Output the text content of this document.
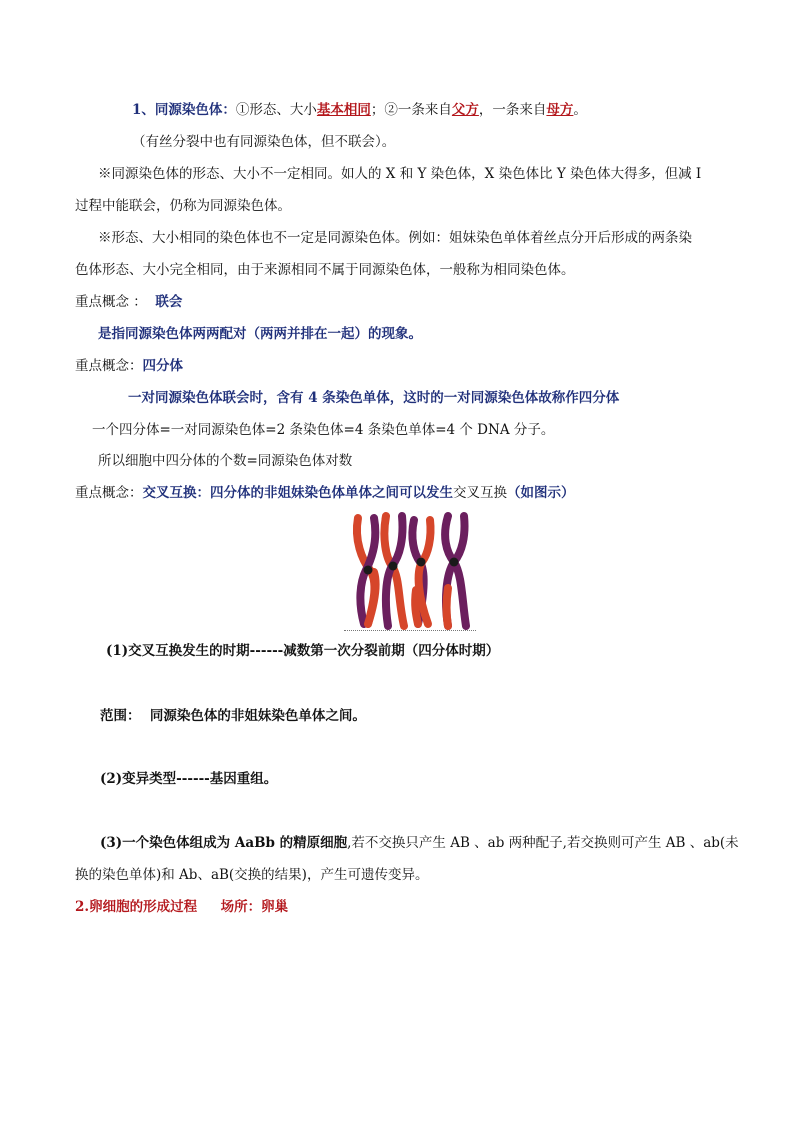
1、同源染色体：①形态、大小基本相同；②一条来自父方，一条来自母方。
（有丝分裂中也有同源染色体，但不联会）。
※同源染色体的形态、大小不一定相同。如人的 X 和 Y 染色体，X 染色体比 Y 染色体大得多，但减 I
过程中能联会，仍称为同源染色体。
※形态、大小相同的染色体也不一定是同源染色体。例如：姐妹染色单体着丝点分开后形成的两条染
色体形态、大小完全相同，由于来源相同不属于同源染色体，一般称为相同染色体。
重点概念 ： 联会
是指同源染色体两两配对（两两并排在一起）的现象。
重点概念：四分体
一对同源染色体联会时，含有 4 条染色单体，这时的一对同源染色体故称作四分体
一个四分体=一对同源染色体=2 条染色体=4 条染色单体=4 个 DNA 分子。
所以细胞中四分体的个数=同源染色体对数
重点概念：交叉互换：四分体的非姐妹染色体单体之间可以发生交叉互换（如图示）
(1)交叉互换发生的时期------减数第一次分裂前期（四分体时期）
范围： 同源染色体的非姐妹染色单体之间。
(2)变异类型------基因重组。
(3)一个染色体组成为 AaBb 的精原细胞,若不交换只产生 AB 、ab 两种配子,若交换则可产生 AB 、ab(未
换的染色单体)和 Ab、aB(交换的结果)，产生可遗传变异。
2.卵细胞的形成过程 场所：卵巢
